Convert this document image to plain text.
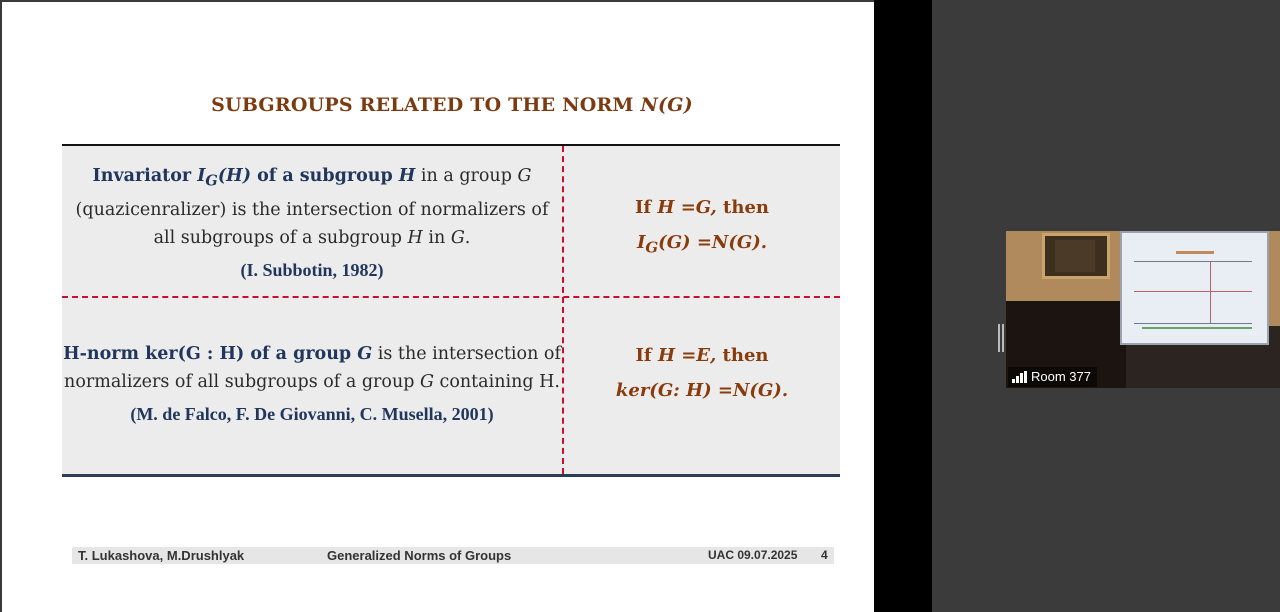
SUBGROUPS RELATED TO THE NORM N(G)
Invariator $I_G(H)$ of a subgroup H in a group G
(quazicenralizer) is the intersection of normalizers of
all subgroups of a subgroup H in G.
(I. Subbotin, 1982)
If H =G, then
$I_G(G) =N(G)$.
H-norm ker(G : H) of a group G is the intersection of
normalizers of all subgroups of a group G containing H.
(M. de Falco, F. De Giovanni, C. Musella, 2001)
If H =E, then
ker(G: H) =N(G).
T. Lukashova, M.Drushlyak	Generalized Norms of Groups	UAC 09.07.2025 4
Room 377
